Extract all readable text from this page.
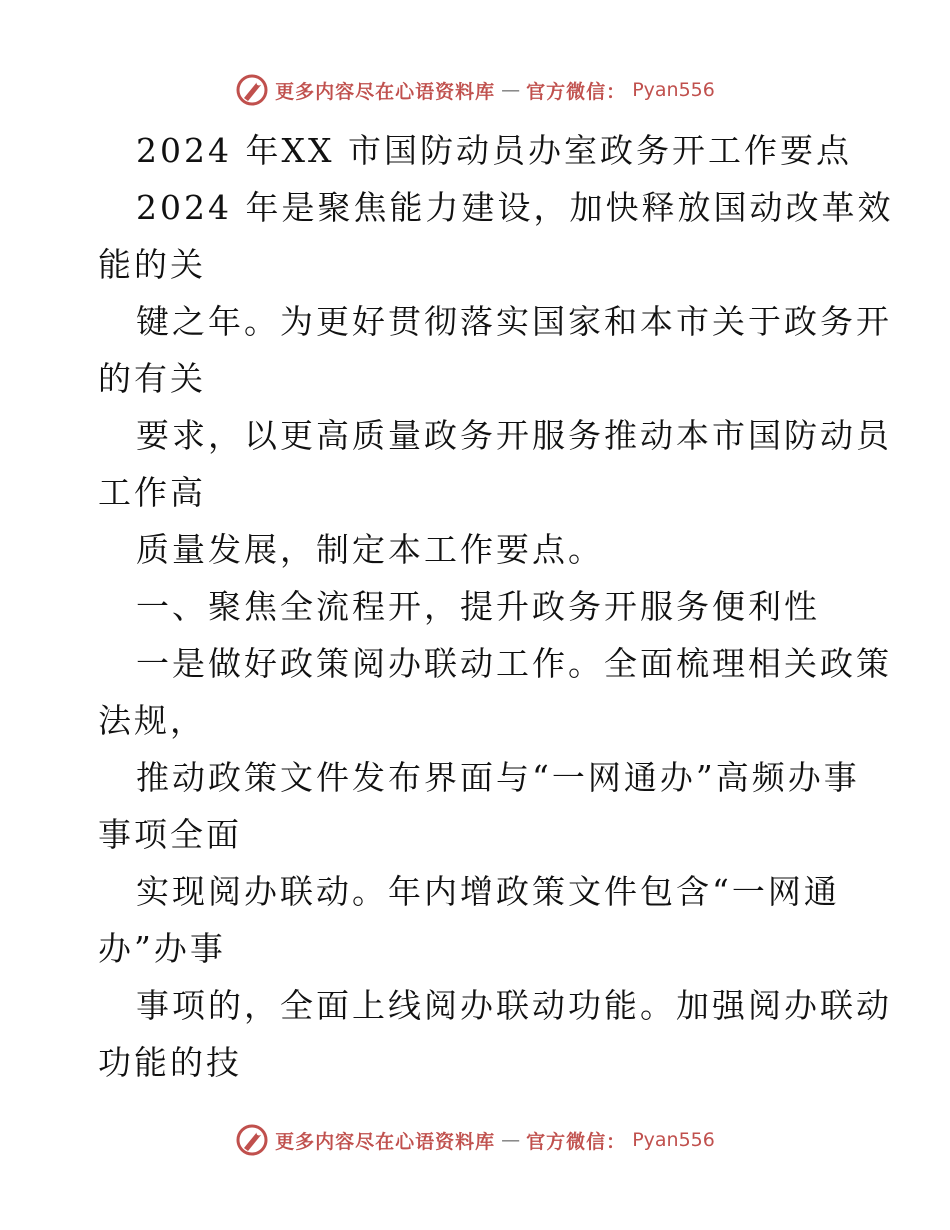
更多内容尽在心语资料库 — 官方微信： Pyan556
2024 年XX 市国防动员办室政务开工作要点
2024 年是聚焦能力建设，加快释放国动改革效
能的关
键之年。为更好贯彻落实国家和本市关于政务开
的有关
要求，以更高质量政务开服务推动本市国防动员
工作高
质量发展，制定本工作要点。
一、聚焦全流程开，提升政务开服务便利性
一是做好政策阅办联动工作。全面梳理相关政策
法规，
推动政策文件发布界面与“一网通办”高频办事
事项全面
实现阅办联动。年内增政策文件包含“一网通
办”办事
事项的，全面上线阅办联动功能。加强阅办联动
功能的技
更多内容尽在心语资料库 — 官方微信： Pyan556
